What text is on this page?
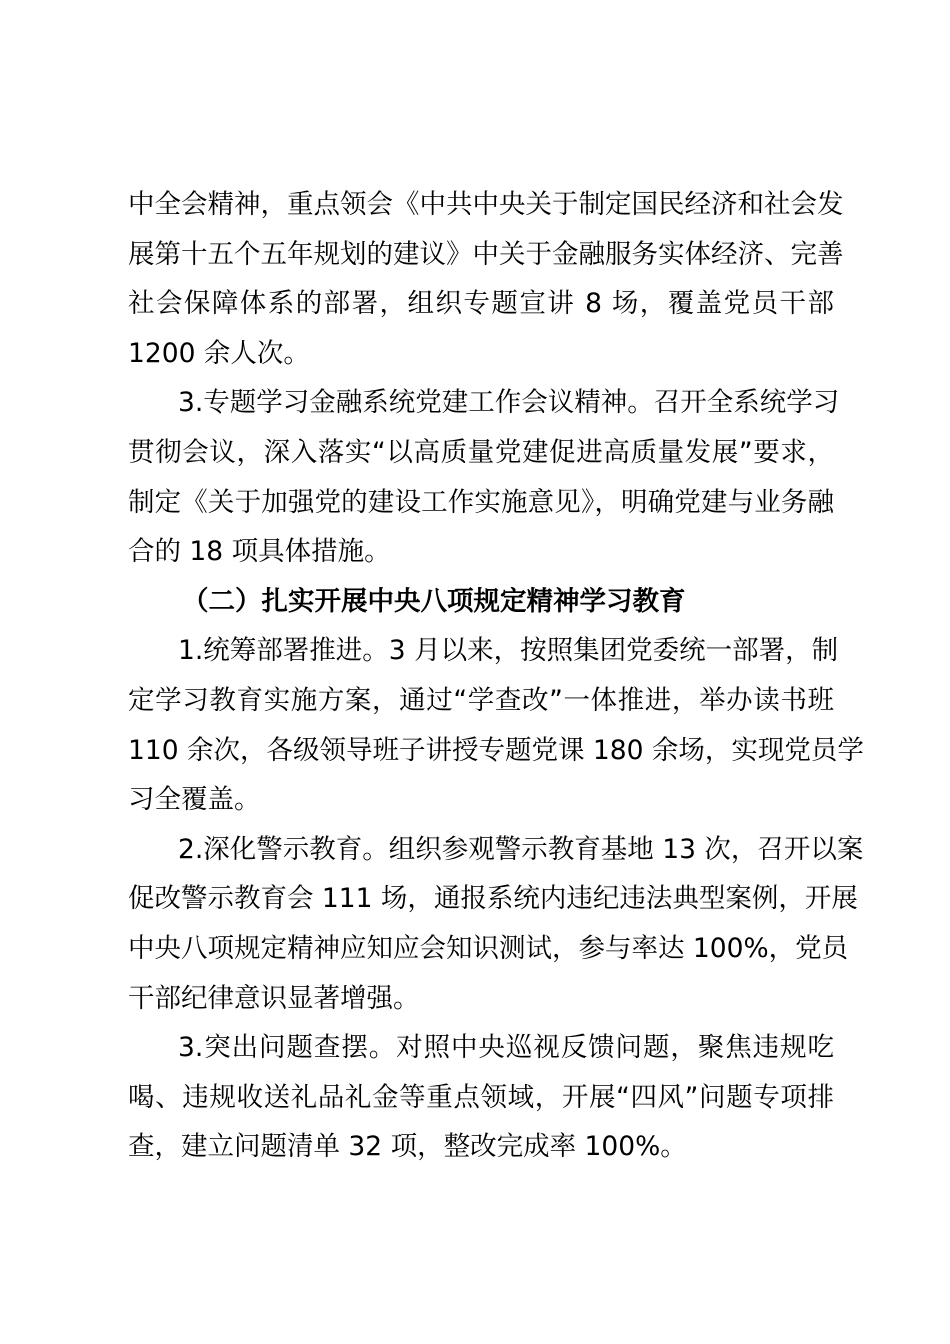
中全会精神，重点领会《中共中央关于制定国民经济和社会发
展第十五个五年规划的建议》中关于金融服务实体经济、完善
社会保障体系的部署，组织专题宣讲 8 场，覆盖党员干部
1200 余人次。
3.专题学习金融系统党建工作会议精神。召开全系统学习
贯彻会议，深入落实“以高质量党建促进高质量发展”要求，
制定《关于加强党的建设工作实施意见》，明确党建与业务融
合的 18 项具体措施。
（二）扎实开展中央八项规定精神学习教育
1.统筹部署推进。3 月以来，按照集团党委统一部署，制
定学习教育实施方案，通过“学查改”一体推进，举办读书班
110 余次，各级领导班子讲授专题党课 180 余场，实现党员学
习全覆盖。
2.深化警示教育。组织参观警示教育基地 13 次，召开以案
促改警示教育会 111 场，通报系统内违纪违法典型案例，开展
中央八项规定精神应知应会知识测试，参与率达 100%，党员
干部纪律意识显著增强。
3.突出问题查摆。对照中央巡视反馈问题，聚焦违规吃
喝、违规收送礼品礼金等重点领域，开展“四风”问题专项排
查，建立问题清单 32 项，整改完成率 100%。
